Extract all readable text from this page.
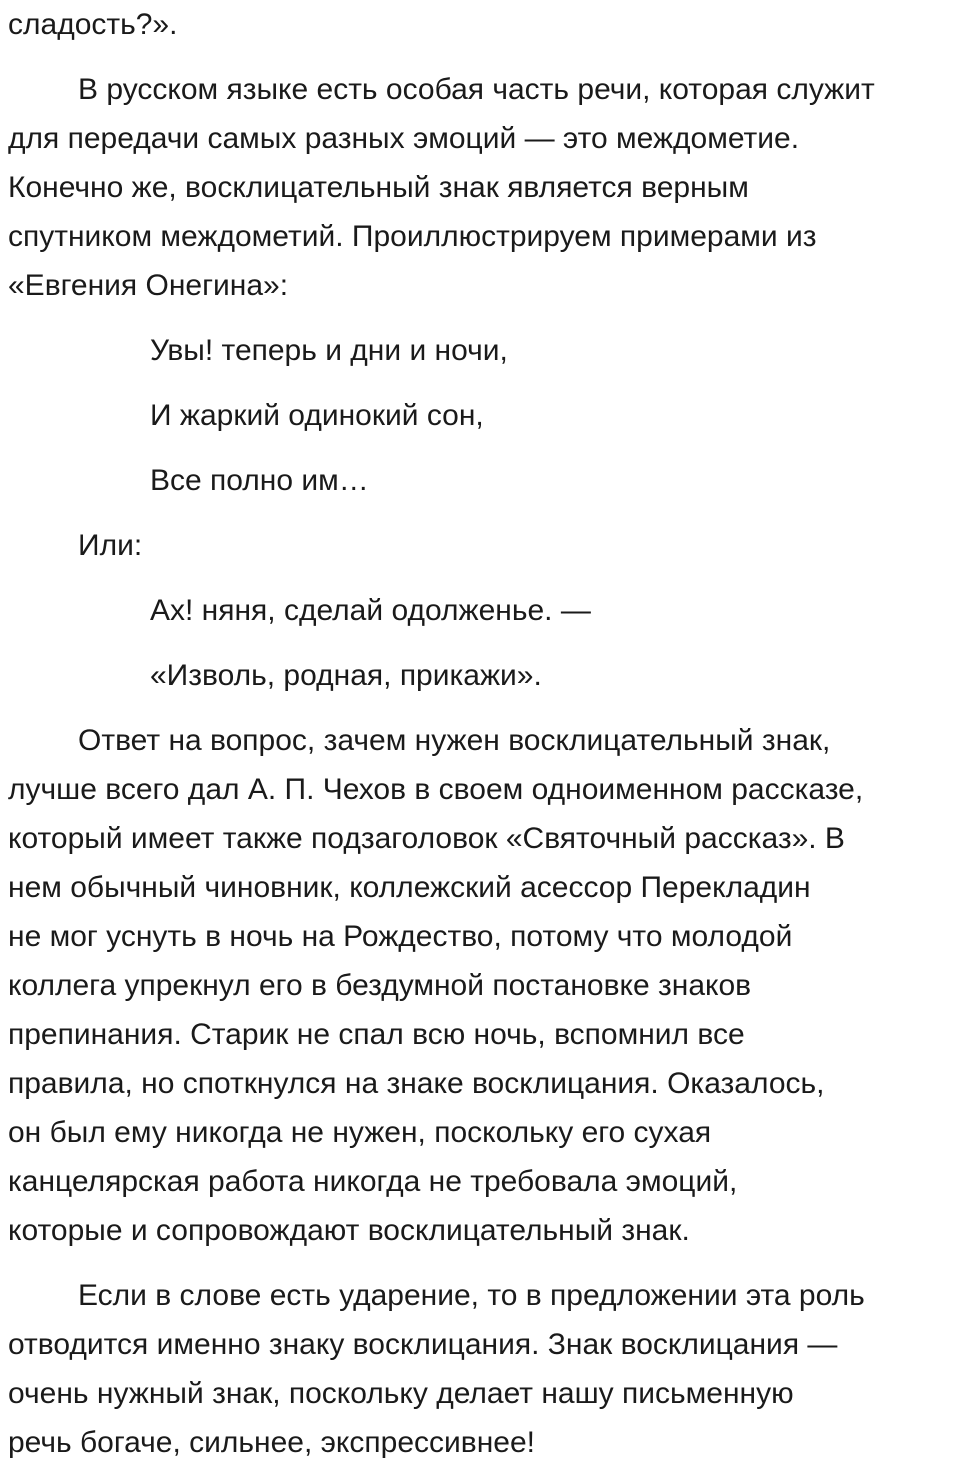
сладость?».

В русском языке есть особая часть речи, которая служит
для передачи самых разных эмоций — это междометие.
Конечно же, восклицательный знак является верным
спутником междометий. Проиллюстрируем примерами из
«Евгения Онегина»:

Увы! теперь и дни и ночи,
И жаркий одинокий сон,
Все полно им…

Или:

Ах! няня, сделай одолженье. —
«Изволь, родная, прикажи».

Ответ на вопрос, зачем нужен восклицательный знак,
лучше всего дал А. П. Чехов в своем одноименном рассказе,
который имеет также подзаголовок «Святочный рассказ». В
нем обычный чиновник, коллежский асессор Перекладин
не мог уснуть в ночь на Рождество, потому что молодой
коллега упрекнул его в бездумной постановке знаков
препинания. Старик не спал всю ночь, вспомнил все
правила, но споткнулся на знаке восклицания. Оказалось,
он был ему никогда не нужен, поскольку его сухая
канцелярская работа никогда не требовала эмоций,
которые и сопровождают восклицательный знак.

Если в слове есть ударение, то в предложении эта роль
отводится именно знаку восклицания. Знак восклицания —
очень нужный знак, поскольку делает нашу письменную
речь богаче, сильнее, экспрессивнее!
